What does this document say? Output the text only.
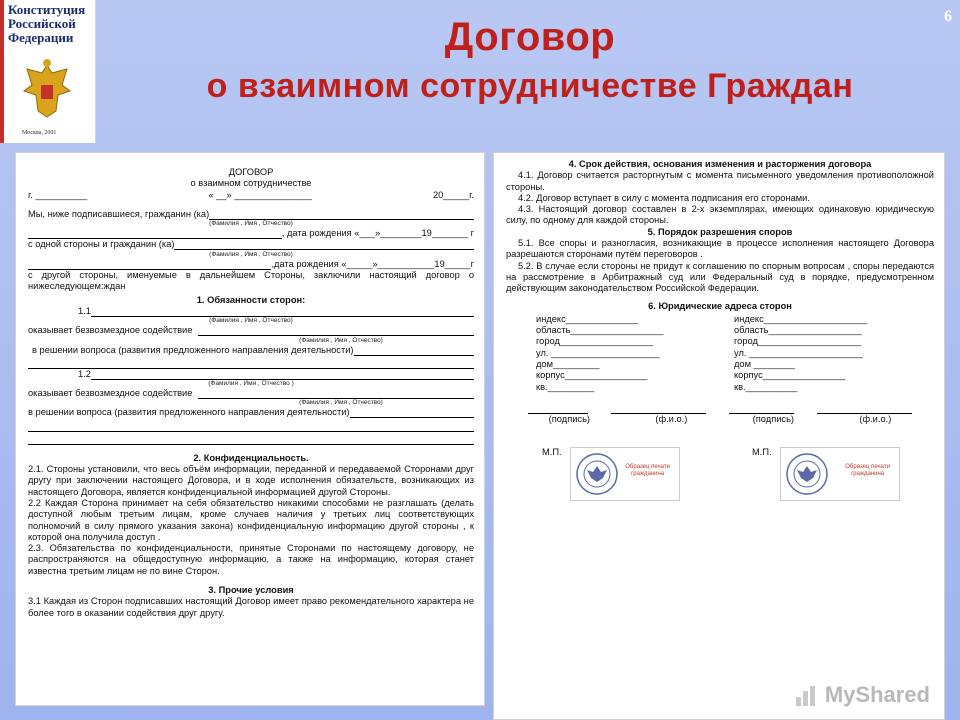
Конституция
Российской
Федерации
Москва, 2001
6
Договор
о взаимном сотрудничестве Граждан
ДОГОВОР
о взаимном сотрудничестве
г. __________	« __» _______________	20_____г.
Мы, ниже подписавшиеся, гражданин (ка)
(Фамилия , Имя , Отчество)
, дата рождения «___»________19_______ г
с одной стороны и гражданин (ка)
(Фамилия , Имя , Отчество)
,дата рождения «_____»___________19_____г
с другой стороны, именуемые в дальнейшем Стороны, заключили настоящий договор о нижеследующем:ждан
1. Обязанности сторон:
1.1
(Фамилия , Имя , Отчество)
оказывает безвозмездное содействие
(Фамилия , Имя , Отчество)
в решении вопроса (развития предложенного направления деятельности)
1.2
(Фамилия , Имя , Отчество )
оказывает безвозмездное содействие
(Фамилия , Имя , Отчество)
в решении вопроса (развития предложенного направления деятельности)
2. Конфиденциальность.
2.1. Стороны установили, что весь объём информации, переданной и передаваемой Сторонами друг другу при заключении настоящего Договора, и в ходе исполнения обязательств, возникающих из настоящего Договора, является конфиденциальной информацией другой Стороны.
2.2 Каждая Сторона принимает на себя обязательство никакими способами не разглашать (делать доступной любым третьим лицам, кроме случаев наличия у третьих лиц соответствующих полномочий в силу прямого указания закона) конфиденциальную информацию другой стороны , к которой она получила доступ .
2.3. Обязательства по конфиденциальности, принятые Сторонами по настоящему договору, не распространяются на общедоступную информацию, а также на информацию, которая станет известна третьим лицам не по вине Сторон.
3. Прочие условия
3.1 Каждая из Сторон подписавших настоящий Договор имеет право рекомендательного характера не более того в оказании содействия друг другу.
4. Срок действия, основания изменения и расторжения договора
4.1. Договор считается расторгнутым с момента письменного уведомления противоположной стороны.
4.2. Договор вступает в силу с момента подписания его сторонами.
4.3. Настоящий договор составлен в 2-х экземплярах, имеющих одинаковую юридическую силу, по одному для каждой стороны.
5. Порядок разрешения споров
5.1. Все споры и разногласия, возникающие в процессе исполнения настоящего Договора разрешаются сторонами путём переговоров .
5.2. В случае если стороны не придут к соглашению по спорным вопросам , споры передаются на рассмотрение в Арбитражный суд или Федеральный суд в порядке, предусмотренном действующим законодательством Российской Федерации.
6. Юридические адреса сторон
индекс______________	индекс____________________
область__________________	область__________________
город__________________	город____________________
ул. _____________________	ул. ______________________
дом_________	дом ________
корпус________________	корпус________________
кв._________	кв.__________
(подпись)	(ф.и.о.)	(подпись)	(ф.и.о.)
М.П.
Образец печати гражданина
М.П.
Образец печати гражданина
MyShared
